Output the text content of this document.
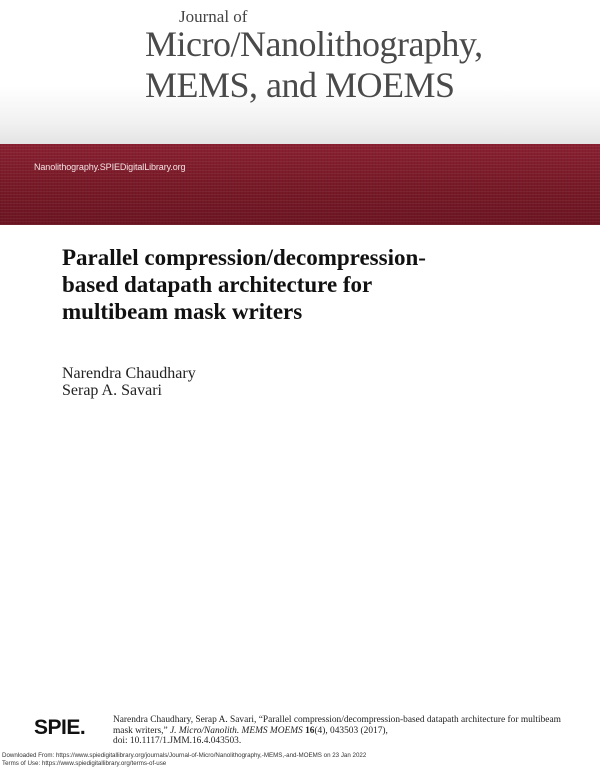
Journal of
Micro/Nanolithography,
MEMS, and MOEMS
Nanolithography.SPIEDigitalLibrary.org
Parallel compression/decompression-
based datapath architecture for
multibeam mask writers
Narendra Chaudhary
Serap A. Savari
SPIE.	Narendra Chaudhary, Serap A. Savari, “Parallel compression/decompression-based datapath architecture for multibeam mask writers,” J. Micro/Nanolith. MEMS MOEMS 16(4), 043503 (2017),
doi: 10.1117/1.JMM.16.4.043503.
Downloaded From: https://www.spiedigitallibrary.org/journals/Journal-of-Micro/Nanolithography,-MEMS,-and-MOEMS on 23 Jan 2022
Terms of Use: https://www.spiedigitallibrary.org/terms-of-use
